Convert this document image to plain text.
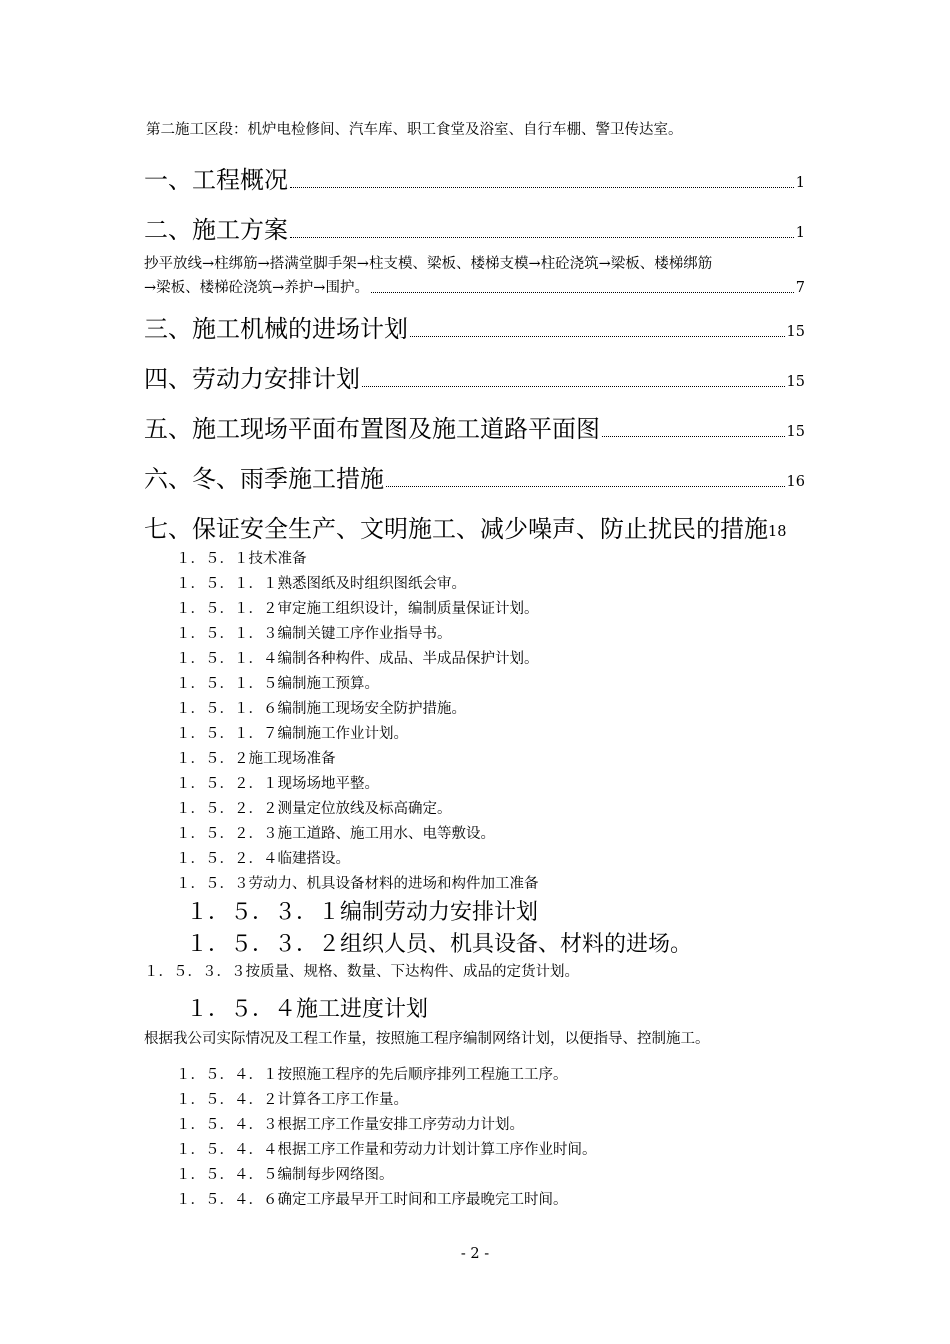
第二施工区段：机炉电检修间、汽车库、职工食堂及浴室、自行车棚、警卫传达室。
一、工程概况	1
二、施工方案	1
抄平放线→柱绑筋→搭满堂脚手架→柱支模、梁板、楼梯支模→柱砼浇筑→梁板、楼梯绑筋
→梁板、楼梯砼浇筑→养护→围护。	7
三、施工机械的进场计划	15
四、劳动力安排计划	15
五、施工现场平面布置图及施工道路平面图	15
六、冬、雨季施工措施	16
七、保证安全生产、文明施工、减少噪声、防止扰民的措施 18
１．５．１技术准备
１．５．１．１熟悉图纸及时组织图纸会审。
１．５．１．２审定施工组织设计，编制质量保证计划。
１．５．１．３编制关键工序作业指导书。
１．５．１．４编制各种构件、成品、半成品保护计划。
１．５．１．５编制施工预算。
１．５．１．６编制施工现场安全防护措施。
１．５．１．７编制施工作业计划。
１．５．２施工现场准备
１．５．２．１现场场地平整。
１．５．２．２测量定位放线及标高确定。
１．５．２．３施工道路、施工用水、电等敷设。
１．５．２．４临建搭设。
１．５．３劳动力、机具设备材料的进场和构件加工准备
１．５．３．１编制劳动力安排计划
１．５．３．２组织人员、机具设备、材料的进场。
１．５．３．３按质量、规格、数量、下达构件、成品的定货计划。
１．５．４施工进度计划
根据我公司实际情况及工程工作量，按照施工程序编制网络计划，以便指导、控制施工。
１．５．４．１按照施工程序的先后顺序排列工程施工工序。
１．５．４．２计算各工序工作量。
１．５．４．３根据工序工作量安排工序劳动力计划。
１．５．４．４根据工序工作量和劳动力计划计算工序作业时间。
１．５．４．５编制每步网络图。
１．５．４．６确定工序最早开工时间和工序最晚完工时间。
- 2 -
